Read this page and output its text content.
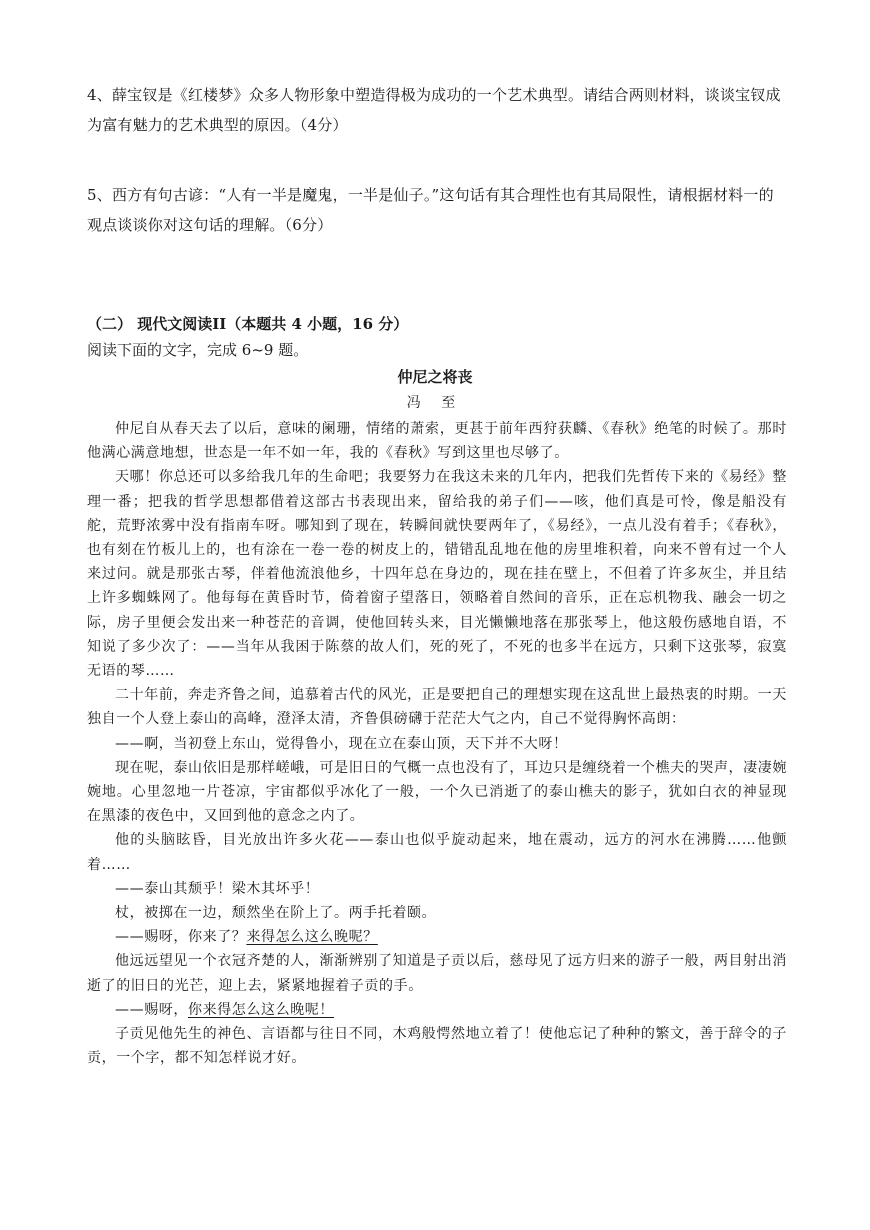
4、薛宝钗是《红楼梦》众多人物形象中塑造得极为成功的一个艺术典型。请结合两则材料，谈谈宝钗成为富有魅力的艺术典型的原因。（4分）
5、西方有句古谚：“人有一半是魔鬼，一半是仙子。”这句话有其合理性也有其局限性，请根据材料一的观点谈谈你对这句话的理解。（6分）
（二） 现代文阅读II（本题共 4 小题，16 分）
阅读下面的文字，完成 6~9 题。
仲尼之将丧
冯 至

仲尼自从春天去了以后，意味的阑珊，情绪的萧索，更甚于前年西狩获麟、《春秋》绝笔的时候了。那时他满心满意地想，世态是一年不如一年，我的《春秋》写到这里也尽够了。

天哪！你总还可以多给我几年的生命吧；我要努力在我这未来的几年内，把我们先哲传下来的《易经》整理一番；把我的哲学思想都借着这部古书表现出来，留给我的弟子们——咳，他们真是可怜，像是船没有舵，荒野浓雾中没有指南车呀。哪知到了现在，转瞬间就快要两年了，《易经》，一点儿没有着手；《春秋》，也有刻在竹板儿上的，也有涂在一卷一卷的树皮上的，错错乱乱地在他的房里堆积着，向来不曾有过一个人来过问。就是那张古琴，伴着他流浪他乡，十四年总在身边的，现在挂在壁上，不但着了许多灰尘，并且结上许多蜘蛛网了。他每每在黄昏时节，倚着窗子望落日，领略着自然间的音乐，正在忘机物我、融会一切之际，房子里便会发出来一种苍茫的音调，使他回转头来，目光懒懒地落在那张琴上，他这般伤感地自语，不知说了多少次了：——当年从我困于陈蔡的故人们，死的死了，不死的也多半在远方，只剩下这张琴，寂寞无语的琴……

二十年前，奔走齐鲁之间，追慕着古代的风光，正是要把自己的理想实现在这乱世上最热衷的时期。一天独自一个人登上泰山的高峰，澄泽太清，齐鲁俱磅礴于茫茫大气之内，自己不觉得胸怀高朗：

——啊，当初登上东山，觉得鲁小，现在立在泰山顶，天下并不大呀！

现在呢，泰山依旧是那样嵯峨，可是旧日的气概一点也没有了，耳边只是缠绕着一个樵夫的哭声，凄凄婉婉地。心里忽地一片苍凉，宇宙都似乎冰化了一般，一个久已消逝了的泰山樵夫的影子，犹如白衣的神显现在黑漆的夜色中，又回到他的意念之内了。

他的头脑眩昏，目光放出许多火花——泰山也似乎旋动起来，地在震动，远方的河水在沸腾……他颤着……

——泰山其颓乎！梁木其坏乎！

杖，被掷在一边，颓然坐在阶上了。两手托着颐。

——赐呀，你来了？来得怎么这么晚呢？

他远远望见一个衣冠齐楚的人，渐渐辨别了知道是子贡以后，慈母见了远方归来的游子一般，两目射出消逝了的旧日的光芒，迎上去，紧紧地握着子贡的手。

——赐呀，你来得怎么这么晚呢！

子贡见他先生的神色、言语都与往日不同，木鸡般愕然地立着了！使他忘记了种种的繁文，善于辞令的子贡，一个字，都不知怎样说才好。
